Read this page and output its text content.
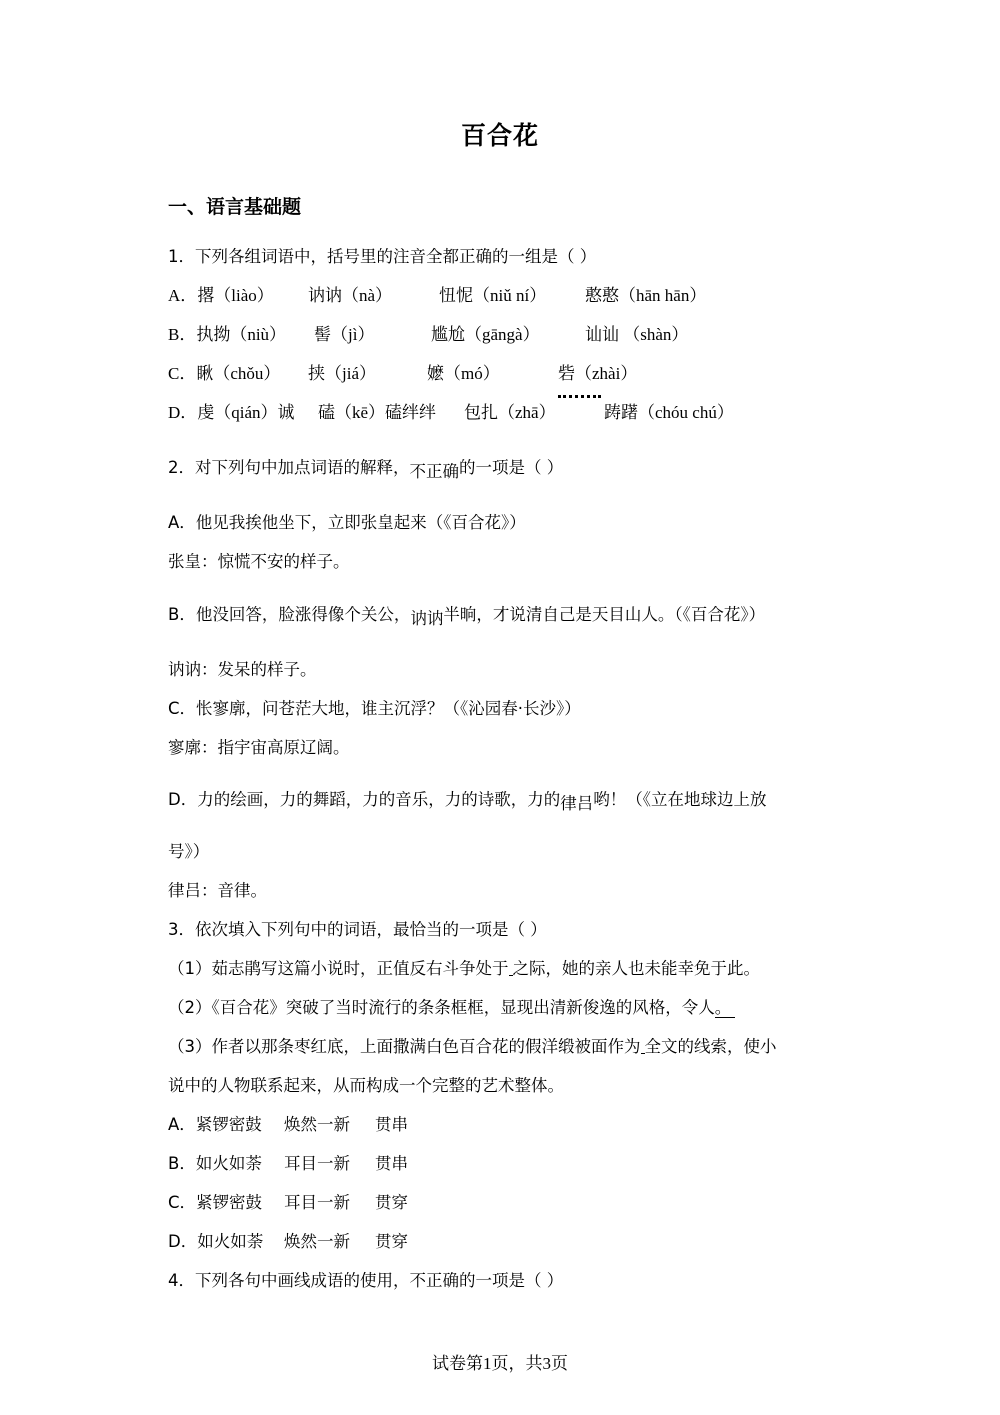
百合花
一、语言基础题
1．下列各组词语中，括号里的注音全都正确的一组是（ ）
A．撂（liào） 讷讷（nà）	忸怩（niǔ ní） 憨憨（hān hān）
B．执拗（niù） 髻（jì）	尴尬（gāngà）	讪讪 （shàn）
C．瞅（chǒu） 挟（jiá）	嬷（mó）	砦（zhài）
D．虔（qián）诚 磕（kē）磕绊绊 包扎（zhā）	踌躇（chóu chú）
2．对下列句中加点词语的解释，不正确的一项是（ ）
A．他见我挨他坐下，立即张皇起来（《百合花》）
张皇：惊慌不安的样子。
B．他没回答，脸涨得像个关公，讷讷半晌，才说清自己是天目山人。（《百合花》）
讷讷：发呆的样子。
C．怅寥廓，问苍茫大地，谁主沉浮？（《沁园春·长沙》）
寥廓：指宇宙高原辽阔。
D．力的绘画，力的舞蹈，力的音乐，力的诗歌，力的律吕哟！（《立在地球边上放
号》）
律吕：音律。
3．依次填入下列句中的词语，最恰当的一项是（ ）
（1）茹志鹃写这篇小说时，正值反右斗争处于 之际，她的亲人也未能幸免于此。
（2）《百合花》突破了当时流行的条条框框，显现出清新俊逸的风格，令人。
（3）作者以那条枣红底，上面撒满白色百合花的假洋缎被面作为 全文的线索，使小
说中的人物联系起来，从而构成一个完整的艺术整体。
A．紧锣密鼓 焕然一新 贯串
B．如火如荼 耳目一新 贯串
C．紧锣密鼓 耳目一新 贯穿
D．如火如荼 焕然一新 贯穿
4．下列各句中画线成语的使用，不正确的一项是（ ）
试卷第1页，共3页
